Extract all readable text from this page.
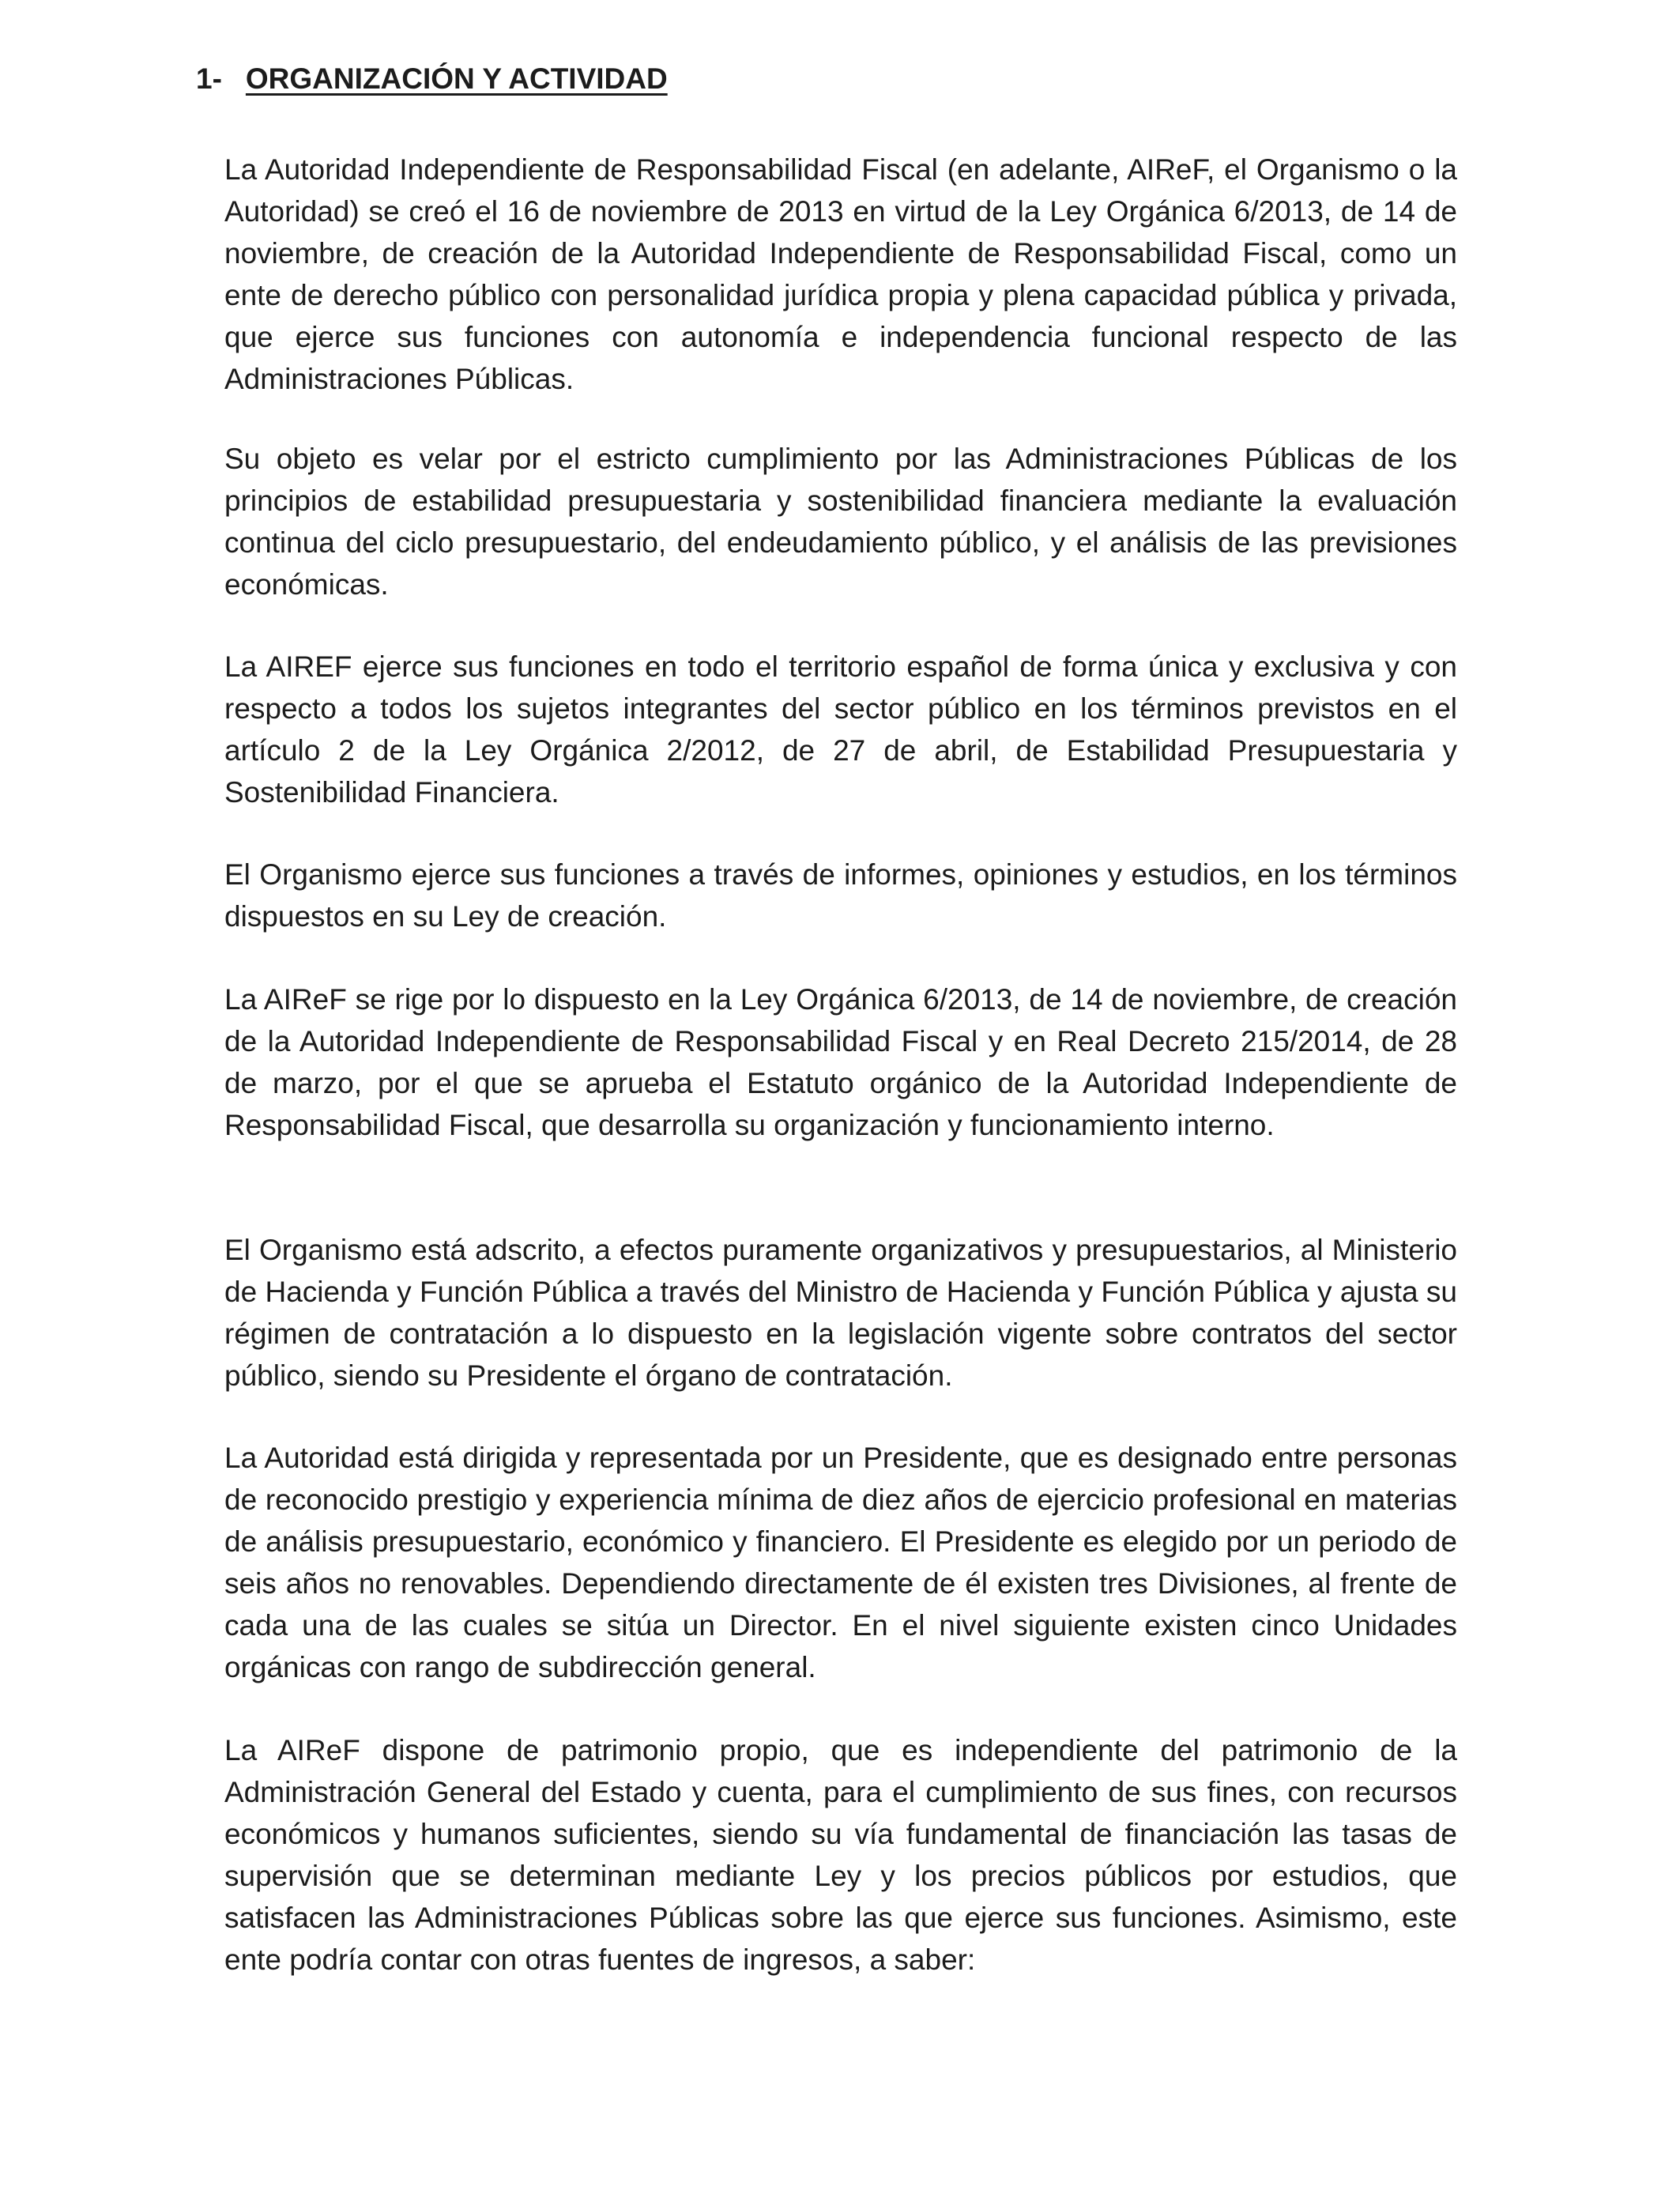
1- ORGANIZACIÓN Y ACTIVIDAD

La Autoridad Independiente de Responsabilidad Fiscal (en adelante, AIReF, el Organismo o la Autoridad) se creó el 16 de noviembre de 2013 en virtud de la Ley Orgánica 6/2013, de 14 de noviembre, de creación de la Autoridad Independiente de Responsabilidad Fiscal, como un ente de derecho público con personalidad jurídica propia y plena capacidad pública y privada, que ejerce sus funciones con autonomía e independencia funcional respecto de las Administraciones Públicas.

Su objeto es velar por el estricto cumplimiento por las Administraciones Públicas de los principios de estabilidad presupuestaria y sostenibilidad financiera mediante la evaluación continua del ciclo presupuestario, del endeudamiento público, y el análisis de las previsiones económicas.

La AIREF ejerce sus funciones en todo el territorio español de forma única y exclusiva y con respecto a todos los sujetos integrantes del sector público en los términos previstos en el artículo 2 de la Ley Orgánica 2/2012, de 27 de abril, de Estabilidad Presupuestaria y Sostenibilidad Financiera.

El Organismo ejerce sus funciones a través de informes, opiniones y estudios, en los términos dispuestos en su Ley de creación.

La AIReF se rige por lo dispuesto en la Ley Orgánica 6/2013, de 14 de noviembre, de creación de la Autoridad Independiente de Responsabilidad Fiscal y en Real Decreto 215/2014, de 28 de marzo, por el que se aprueba el Estatuto orgánico de la Autoridad Independiente de Responsabilidad Fiscal, que desarrolla su organización y funcionamiento interno.

El Organismo está adscrito, a efectos puramente organizativos y presupuestarios, al Ministerio de Hacienda y Función Pública a través del Ministro de Hacienda y Función Pública y ajusta su régimen de contratación a lo dispuesto en la legislación vigente sobre contratos del sector público, siendo su Presidente el órgano de contratación.

La Autoridad está dirigida y representada por un Presidente, que es designado entre personas de reconocido prestigio y experiencia mínima de diez años de ejercicio profesional en materias de análisis presupuestario, económico y financiero. El Presidente es elegido por un periodo de seis años no renovables. Dependiendo directamente de él existen tres Divisiones, al frente de cada una de las cuales se sitúa un Director. En el nivel siguiente existen cinco Unidades orgánicas con rango de subdirección general.

La AIReF dispone de patrimonio propio, que es independiente del patrimonio de la Administración General del Estado y cuenta, para el cumplimiento de sus fines, con recursos económicos y humanos suficientes, siendo su vía fundamental de financiación las tasas de supervisión que se determinan mediante Ley y los precios públicos por estudios, que satisfacen las Administraciones Públicas sobre las que ejerce sus funciones. Asimismo, este ente podría contar con otras fuentes de ingresos, a saber:
